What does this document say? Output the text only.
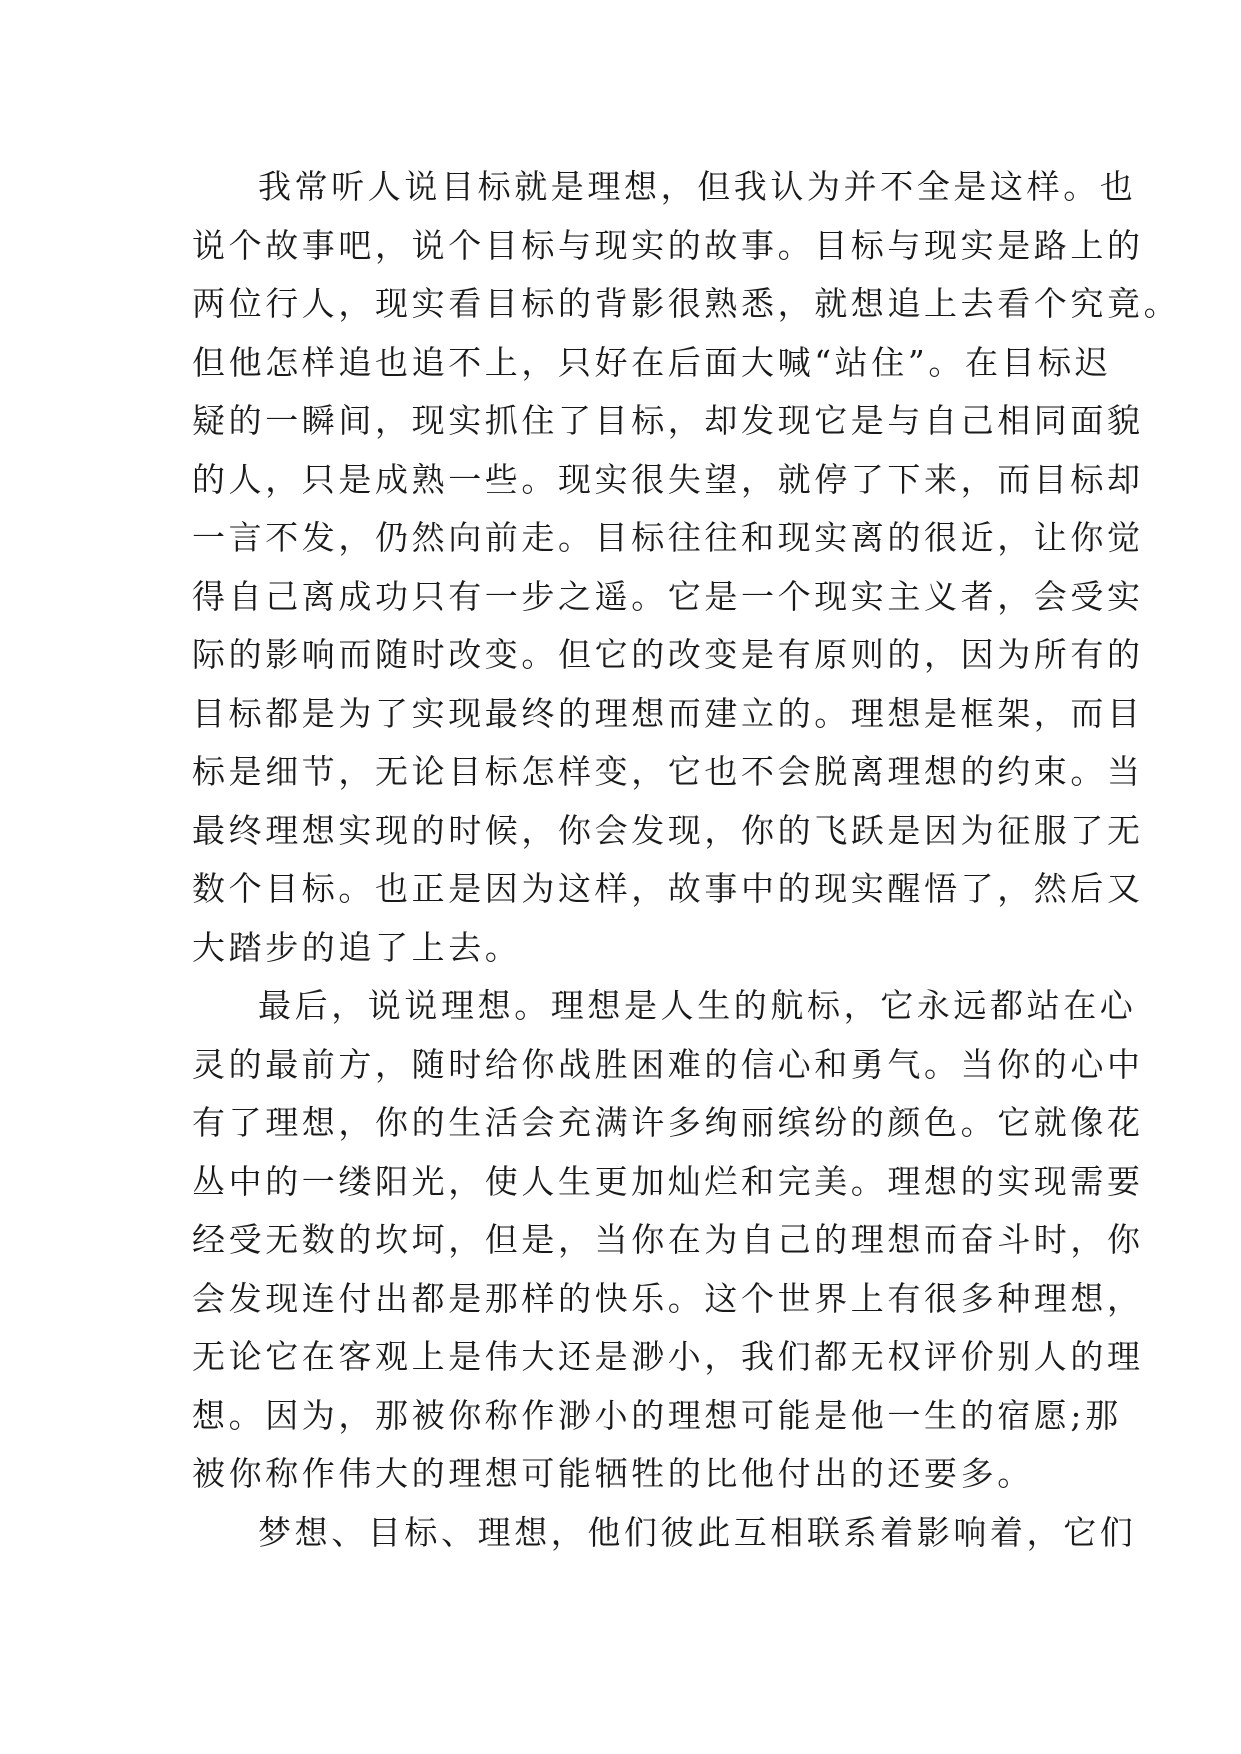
我常听人说目标就是理想，但我认为并不全是这样。也
说个故事吧，说个目标与现实的故事。目标与现实是路上的
两位行人，现实看目标的背影很熟悉，就想追上去看个究竟。
但他怎样追也追不上，只好在后面大喊“站住”。在目标迟
疑的一瞬间，现实抓住了目标，却发现它是与自己相同面貌
的人，只是成熟一些。现实很失望，就停了下来，而目标却
一言不发，仍然向前走。目标往往和现实离的很近，让你觉
得自己离成功只有一步之遥。它是一个现实主义者，会受实
际的影响而随时改变。但它的改变是有原则的，因为所有的
目标都是为了实现最终的理想而建立的。理想是框架，而目
标是细节，无论目标怎样变，它也不会脱离理想的约束。当
最终理想实现的时候，你会发现，你的飞跃是因为征服了无
数个目标。也正是因为这样，故事中的现实醒悟了，然后又
大踏步的追了上去。
最后，说说理想。理想是人生的航标，它永远都站在心
灵的最前方，随时给你战胜困难的信心和勇气。当你的心中
有了理想，你的生活会充满许多绚丽缤纷的颜色。它就像花
丛中的一缕阳光，使人生更加灿烂和完美。理想的实现需要
经受无数的坎坷，但是，当你在为自己的理想而奋斗时，你
会发现连付出都是那样的快乐。这个世界上有很多种理想，
无论它在客观上是伟大还是渺小，我们都无权评价别人的理
想。因为，那被你称作渺小的理想可能是他一生的宿愿;那
被你称作伟大的理想可能牺牲的比他付出的还要多。
梦想、目标、理想，他们彼此互相联系着影响着，它们
